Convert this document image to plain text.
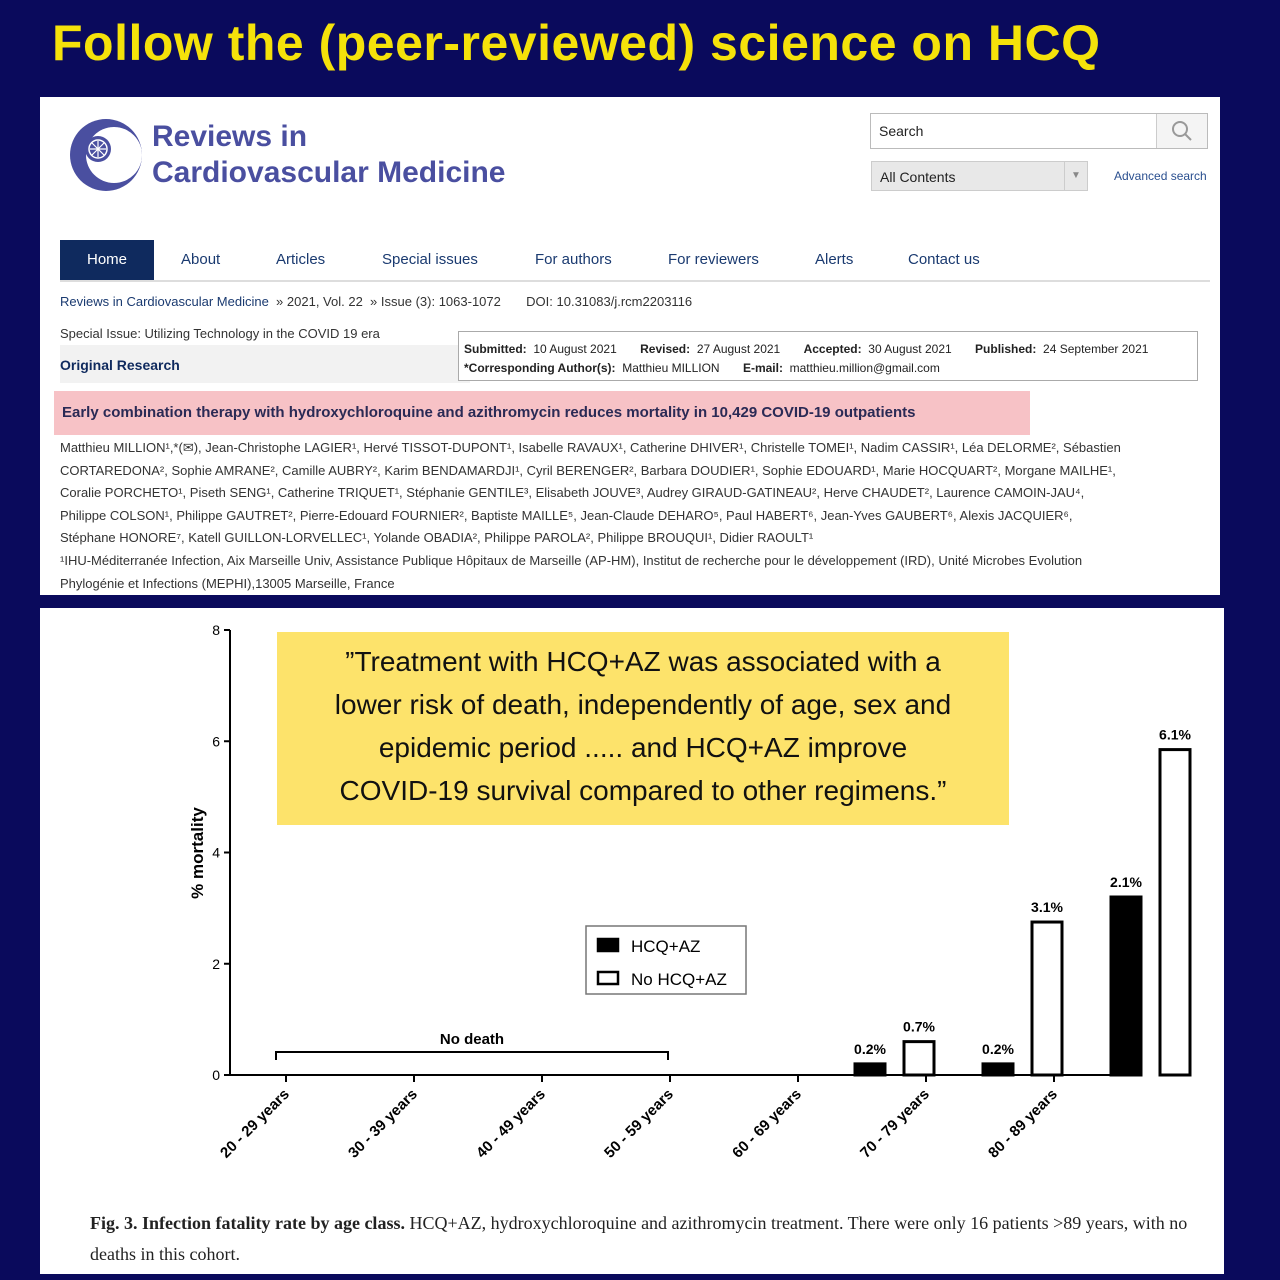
Follow the (peer-reviewed) science on HCQ
Reviews in
Cardiovascular Medicine
Search	All Contents	▼	Advanced search
Home	About	Articles	Special issues	For authors	For reviewers	Alerts	Contact us
Reviews in Cardiovascular Medicine » 2021, Vol. 22 » Issue (3): 1063-1072 DOI: 10.31083/j.rcm2203116
Special Issue: Utilizing Technology in the COVID 19 era
Original Research
Submitted: 10 August 2021 Revised: 27 August 2021 Accepted: 30 August 2021 Published: 24 September 2021
*Corresponding Author(s): Matthieu MILLION E-mail: matthieu.million@gmail.com
Early combination therapy with hydroxychloroquine and azithromycin reduces mortality in 10,429 COVID-19 outpatients

Matthieu MILLION¹,*(✉), Jean-Christophe LAGIER¹, Hervé TISSOT-DUPONT¹, Isabelle RAVAUX¹, Catherine DHIVER¹, Christelle TOMEI¹, Nadim CASSIR¹, Léa DELORME², Sébastien

CORTAREDONA², Sophie AMRANE², Camille AUBRY², Karim BENDAMARDJI¹, Cyril BERENGER², Barbara DOUDIER¹, Sophie EDOUARD¹, Marie HOCQUART², Morgane MAILHE¹,

Coralie PORCHETO¹, Piseth SENG¹, Catherine TRIQUET¹, Stéphanie GENTILE³, Elisabeth JOUVE³, Audrey GIRAUD-GATINEAU², Herve CHAUDET², Laurence CAMOIN-JAU⁴,

Philippe COLSON¹, Philippe GAUTRET², Pierre-Edouard FOURNIER², Baptiste MAILLE⁵, Jean-Claude DEHARO⁵, Paul HABERT⁶, Jean-Yves GAUBERT⁶, Alexis JACQUIER⁶,

Stéphane HONORE⁷, Katell GUILLON-LORVELLEC¹, Yolande OBADIA², Philippe PAROLA², Philippe BROUQUI¹, Didier RAOULT¹

¹IHU-Méditerranée Infection, Aix Marseille Univ, Assistance Publique Hôpitaux de Marseille (AP-HM), Institut de recherche pour le développement (IRD), Unité Microbes Evolution

Phylogénie et Infections (MEPHI),13005 Marseille, France

0
2
4
6
8
% mortality
20 - 29 years	30 - 39 years	40 - 49 years	50 - 59 years	60 - 69 years	70 - 79 years	80 - 89 years
0.2%	0.2%
2.1%
0.7%
3.1%
6.1%
No death
HCQ+AZ
No HCQ+AZ
”Treatment with HCQ+AZ was associated with a
lower risk of death, independently of age, sex and
epidemic period ..... and HCQ+AZ improve
COVID-19 survival compared to other regimens.”
Fig. 3. Infection fatality rate by age class. HCQ+AZ, hydroxychloroquine and azithromycin treatment. There were only 16 patients >89 years, with no deaths in this cohort.
